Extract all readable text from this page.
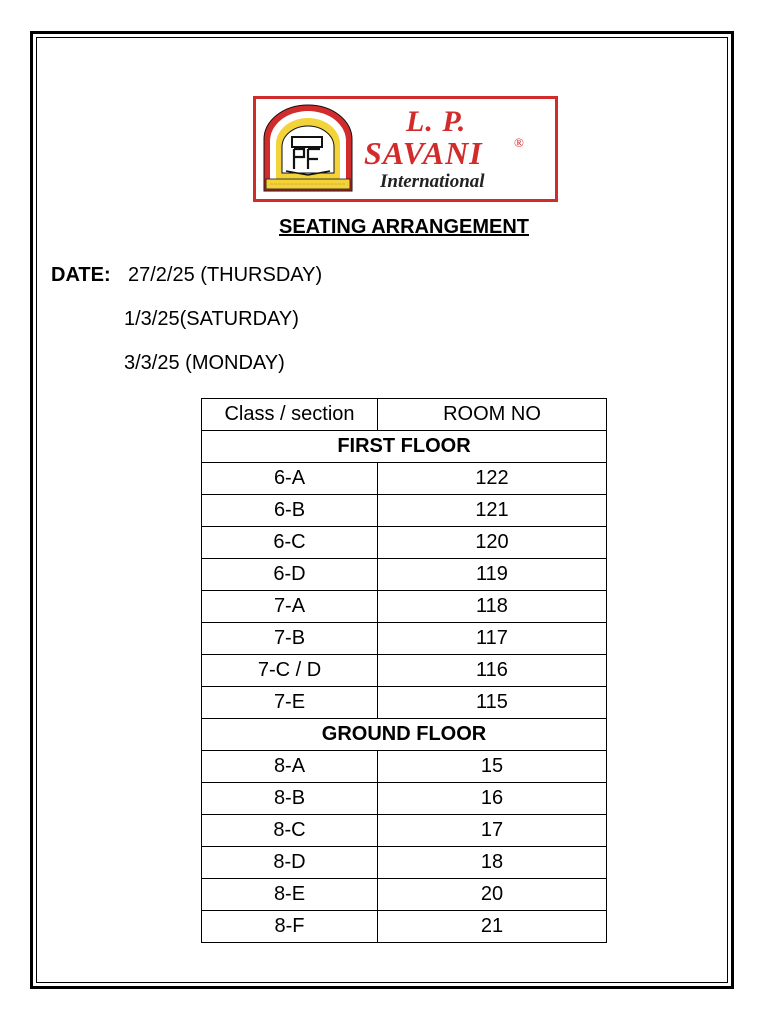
L. P.
SAVANI ®
International
SEATING ARRANGEMENT
DATE: 27/2/25 (THURSDAY)
1/3/25(SATURDAY)
3/3/25 (MONDAY)
Class / section	ROOM NO
FIRST FLOOR	
6-A	122
6-B	121
6-C	120
6-D	119
7-A	118
7-B	117
7-C / D	116
7-E	115
GROUND FLOOR	
8-A	15
8-B	16
8-C	17
8-D	18
8-E	20
8-F	21
